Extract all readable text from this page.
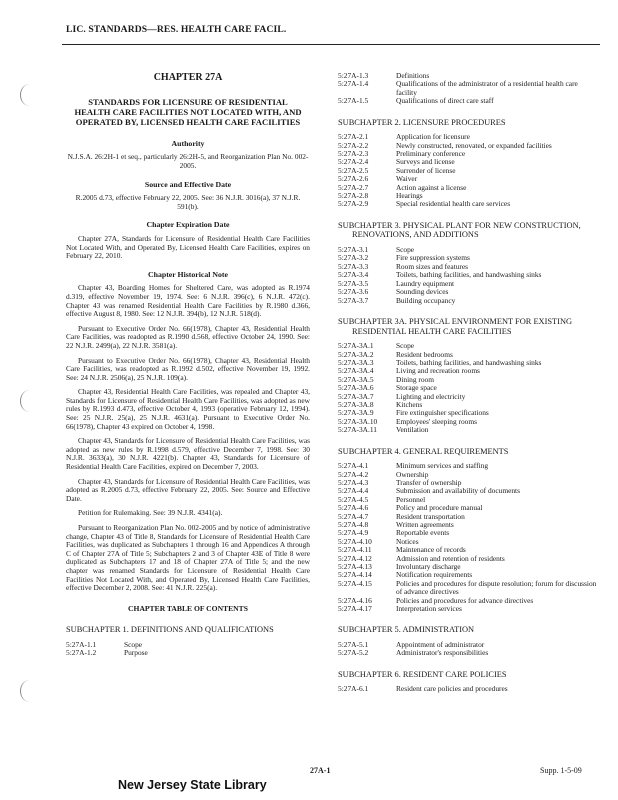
LIC. STANDARDS—RES. HEALTH CARE FACIL.
CHAPTER 27A
STANDARDS FOR LICENSURE OF RESIDENTIAL HEALTH CARE FACILITIES NOT LOCATED WITH, AND OPERATED BY, LICENSED HEALTH CARE FACILITIES
Authority

N.J.S.A. 26:2H-1 et seq., particularly 26:2H-5, and Reorganization Plan No. 002-2005.

Source and Effective Date

R.2005 d.73, effective February 22, 2005. See: 36 N.J.R. 3016(a), 37 N.J.R. 591(b).

Chapter Expiration Date

Chapter 27A, Standards for Licensure of Residential Health Care Facilities Not Located With, and Operated By, Licensed Health Care Facilities, expires on February 22, 2010.

Chapter Historical Note

Chapter 43, Boarding Homes for Sheltered Care, was adopted as R.1974 d.319, effective November 19, 1974. See: 6 N.J.R. 396(c), 6 N.J.R. 472(c). Chapter 43 was renamed Residential Health Care Facilities by R.1980 d.366, effective August 8, 1980. See: 12 N.J.R. 394(b), 12 N.J.R. 518(d).

Pursuant to Executive Order No. 66(1978), Chapter 43, Residential Health Care Facilities, was readopted as R.1990 d.568, effective October 24, 1990. See: 22 N.J.R. 2499(a), 22 N.J.R. 3581(a).

Pursuant to Executive Order No. 66(1978), Chapter 43, Residential Health Care Facilities, was readopted as R.1992 d.502, effective November 19, 1992. See: 24 N.J.R. 2506(a), 25 N.J.R. 109(a).

Chapter 43, Residential Health Care Facilities, was repealed and Chapter 43, Standards for Licensure of Residential Health Care Facilities, was adopted as new rules by R.1993 d.473, effective October 4, 1993 (operative February 12, 1994). See: 25 N.J.R. 25(a), 25 N.J.R. 4631(a). Pursuant to Executive Order No. 66(1978), Chapter 43 expired on October 4, 1998.

Chapter 43, Standards for Licensure of Residential Health Care Facilities, was adopted as new rules by R.1998 d.579, effective December 7, 1998. See: 30 N.J.R. 3633(a), 30 N.J.R. 4221(b). Chapter 43, Standards for Licensure of Residential Health Care Facilities, expired on December 7, 2003.

Chapter 43, Standards for Licensure of Residential Health Care Facilities, was adopted as R.2005 d.73, effective February 22, 2005. See: Source and Effective Date.

Petition for Rulemaking. See: 39 N.J.R. 4341(a).

Pursuant to Reorganization Plan No. 002-2005 and by notice of administrative change, Chapter 43 of Title 8, Standards for Licensure of Residential Health Care Facilities, was duplicated as Subchapters 1 through 16 and Appendices A through C of Chapter 27A of Title 5; Subchapters 2 and 3 of Chapter 43E of Title 8 were duplicated as Subchapters 17 and 18 of Chapter 27A of Title 5; and the new chapter was renamed Standards for Licensure of Residential Health Care Facilities Not Located With, and Operated By, Licensed Health Care Facilities, effective December 2, 2008. See: 41 N.J.R. 225(a).

CHAPTER TABLE OF CONTENTS
SUBCHAPTER 1. DEFINITIONS AND QUALIFICATIONS
5:27A-1.1	Scope
5:27A-1.2	Purpose
5:27A-1.3	Definitions
5:27A-1.4	Qualifications of the administrator of a residential health care facility
5:27A-1.5	Qualifications of direct care staff
SUBCHAPTER 2. LICENSURE PROCEDURES
5:27A-2.1	Application for licensure
5:27A-2.2	Newly constructed, renovated, or expanded facilities
5:27A-2.3	Preliminary conference
5:27A-2.4	Surveys and license
5:27A-2.5	Surrender of license
5:27A-2.6	Waiver
5:27A-2.7	Action against a license
5:27A-2.8	Hearings
5:27A-2.9	Special residential health care services
SUBCHAPTER 3. PHYSICAL PLANT FOR NEW CONSTRUCTION, RENOVATIONS, AND ADDITIONS
5:27A-3.1	Scope
5:27A-3.2	Fire suppression systems
5:27A-3.3	Room sizes and features
5:27A-3.4	Toilets, bathing facilities, and handwashing sinks
5:27A-3.5	Laundry equipment
5:27A-3.6	Sounding devices
5:27A-3.7	Building occupancy
SUBCHAPTER 3A. PHYSICAL ENVIRONMENT FOR EXISTING RESIDENTIAL HEALTH CARE FACILITIES
5:27A-3A.1	Scope
5:27A-3A.2	Resident bedrooms
5:27A-3A.3	Toilets, bathing facilities, and handwashing sinks
5:27A-3A.4	Living and recreation rooms
5:27A-3A.5	Dining room
5:27A-3A.6	Storage space
5:27A-3A.7	Lighting and electricity
5:27A-3A.8	Kitchens
5:27A-3A.9	Fire extinguisher specifications
5:27A-3A.10	Employees' sleeping rooms
5:27A-3A.11	Ventilation
SUBCHAPTER 4. GENERAL REQUIREMENTS
5:27A-4.1	Minimum services and staffing
5:27A-4.2	Ownership
5:27A-4.3	Transfer of ownership
5:27A-4.4	Submission and availability of documents
5:27A-4.5	Personnel
5:27A-4.6	Policy and procedure manual
5:27A-4.7	Resident transportation
5:27A-4.8	Written agreements
5:27A-4.9	Reportable events
5:27A-4.10	Notices
5:27A-4.11	Maintenance of records
5:27A-4.12	Admission and retention of residents
5:27A-4.13	Involuntary discharge
5:27A-4.14	Notification requirements
5:27A-4.15	Policies and procedures for dispute resolution; forum for discussion of advance directives
5:27A-4.16	Policies and procedures for advance directives
5:27A-4.17	Interpretation services
SUBCHAPTER 5. ADMINISTRATION
5:27A-5.1	Appointment of administrator
5:27A-5.2	Administrator's responsibilities
SUBCHAPTER 6. RESIDENT CARE POLICIES
5:27A-6.1	Resident care policies and procedures
27A-1	Supp. 1-5-09
New Jersey State Library
